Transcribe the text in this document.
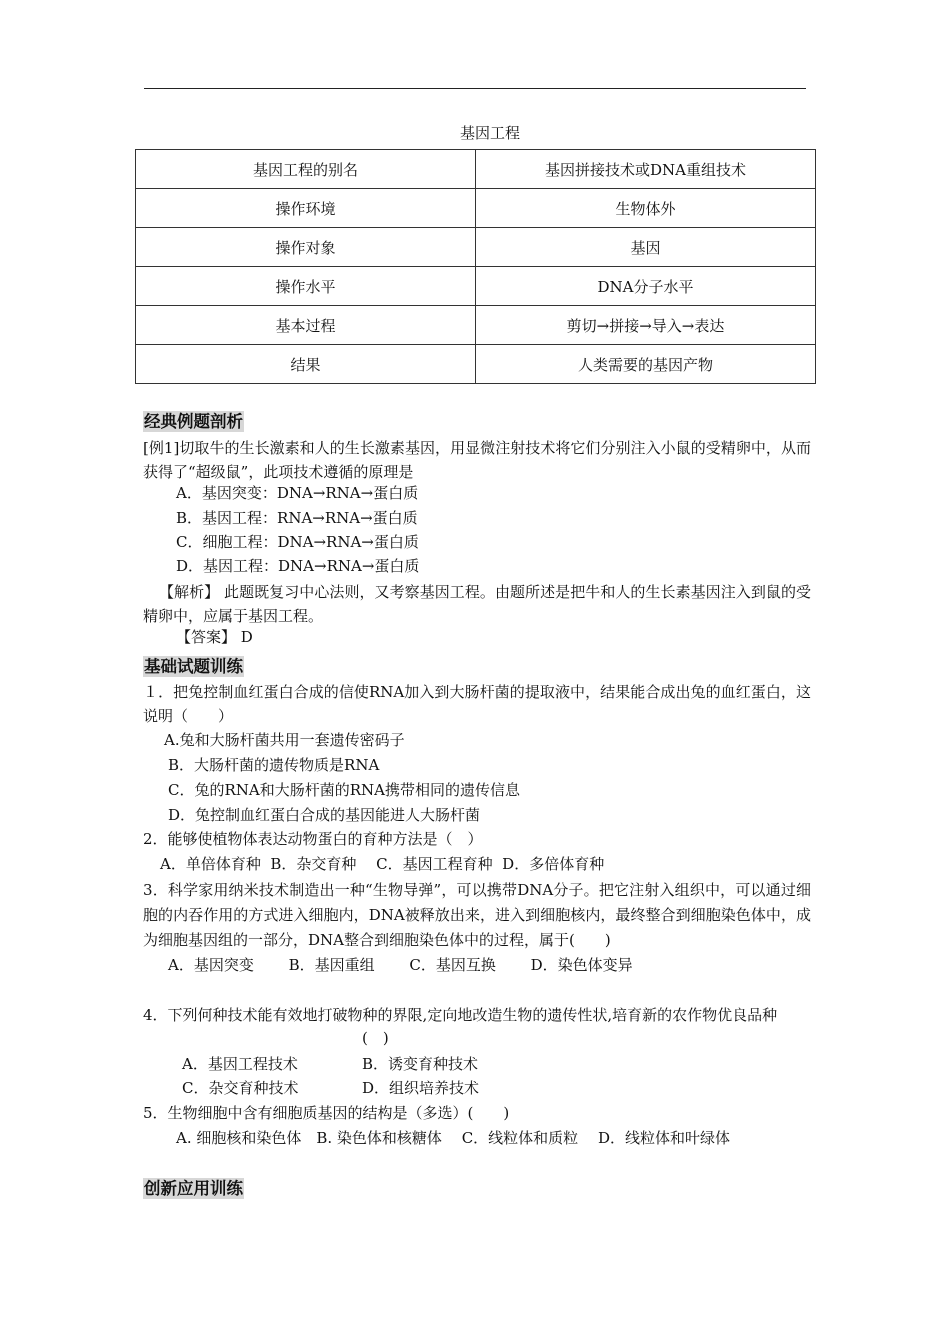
基因工程
基因工程的别名	基因拼接技术或DNA重组技术
操作环境	生物体外
操作对象	基因
操作水平	DNA分子水平
基本过程	剪切→拼接→导入→表达
结果	人类需要的基因产物
经典例题剖析
[例1]切取牛的生长激素和人的生长激素基因，用显微注射技术将它们分别注入小鼠的受精卵中，从而获得了“超级鼠”，此项技术遵循的原理是
A．基因突变：DNA→RNA→蛋白质
B．基因工程：RNA→RNA→蛋白质
C．细胞工程：DNA→RNA→蛋白质
D．基因工程：DNA→RNA→蛋白质
【解析】 此题既复习中心法则，又考察基因工程。由题所述是把牛和人的生长素基因注入到鼠的受精卵中，应属于基因工程。
【答案】 D
基础试题训练
１．把兔控制血红蛋白合成的信使RNA加入到大肠杆菌的提取液中，结果能合成出兔的血红蛋白，这说明（　　）
A.兔和大肠杆菌共用一套遗传密码子
B．大肠杆菌的遗传物质是RNA
C．兔的RNA和大肠杆菌的RNA携带相同的遗传信息
D．兔控制血红蛋白合成的基因能进人大肠杆菌
2．能够使植物体表达动物蛋白的育种方法是（　）
A．单倍体育种  B．杂交育种　 C．基因工程育种  D．多倍体育种
3．科学家用纳米技术制造出一种“生物导弹”，可以携带DNA分子。把它注射入组织中，可以通过细胞的内吞作用的方式进入细胞内，DNA被释放出来，进入到细胞核内，最终整合到细胞染色体中，成为细胞基因组的一部分，DNA整合到细胞染色体中的过程，属于(　　)
A．基因突变　　 B．基因重组　　 C．基因互换　　 D．染色体变异
4．下列何种技术能有效地打破物种的界限,定向地改造生物的遗传性状,培育新的农作物优良品种
(　)
A．基因工程技术	B．诱变育种技术
C．杂交育种技术	D．组织培养技术
5．生物细胞中含有细胞质基因的结构是（多选）(　　)
A. 细胞核和染色体　B. 染色体和核糖体　 C．线粒体和质粒　 D．线粒体和叶绿体
创新应用训练
